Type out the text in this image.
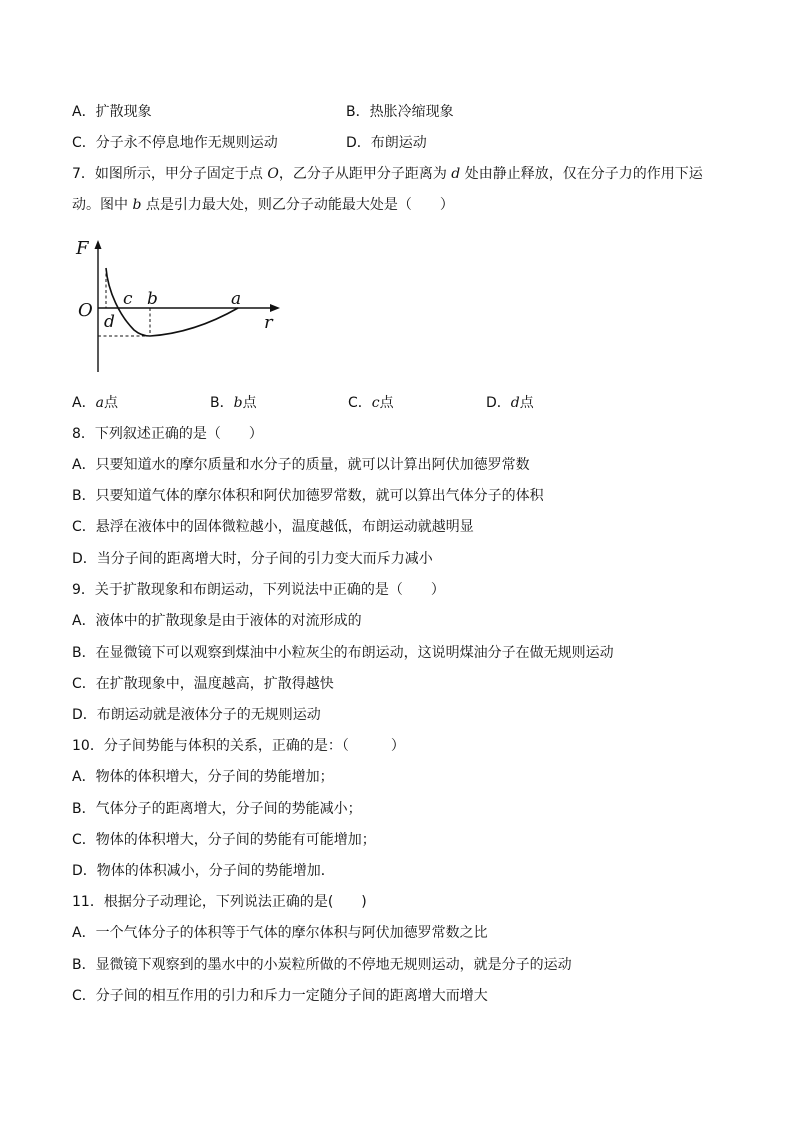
A．扩散现象	B．热胀冷缩现象
C．分子永不停息地作无规则运动	D．布朗运动
7．如图所示，甲分子固定于点 O，乙分子从距甲分子距离为 d 处由静止释放，仅在分子力的作用下运
动。图中 b 点是引力最大处，则乙分子动能最大处是（　　）
F
O
r
a
b
c
d
A．a点	B．b点	C．c点	D．d点
8．下列叙述正确的是（　　）
A．只要知道水的摩尔质量和水分子的质量，就可以计算出阿伏加德罗常数
B．只要知道气体的摩尔体积和阿伏加德罗常数，就可以算出气体分子的体积
C．悬浮在液体中的固体微粒越小，温度越低，布朗运动就越明显
D．当分子间的距离增大时，分子间的引力变大而斥力减小
9．关于扩散现象和布朗运动，下列说法中正确的是（　　）
A．液体中的扩散现象是由于液体的对流形成的
B．在显微镜下可以观察到煤油中小粒灰尘的布朗运动，这说明煤油分子在做无规则运动
C．在扩散现象中，温度越高，扩散得越快
D．布朗运动就是液体分子的无规则运动
10．分子间势能与体积的关系，正确的是：（　　　）
A．物体的体积增大，分子间的势能增加；
B．气体分子的距离增大，分子间的势能减小；
C．物体的体积增大，分子间的势能有可能增加；
D．物体的体积减小，分子间的势能增加．
11．根据分子动理论，下列说法正确的是(　　)
A．一个气体分子的体积等于气体的摩尔体积与阿伏加德罗常数之比
B．显微镜下观察到的墨水中的小炭粒所做的不停地无规则运动，就是分子的运动
C．分子间的相互作用的引力和斥力一定随分子间的距离增大而增大
